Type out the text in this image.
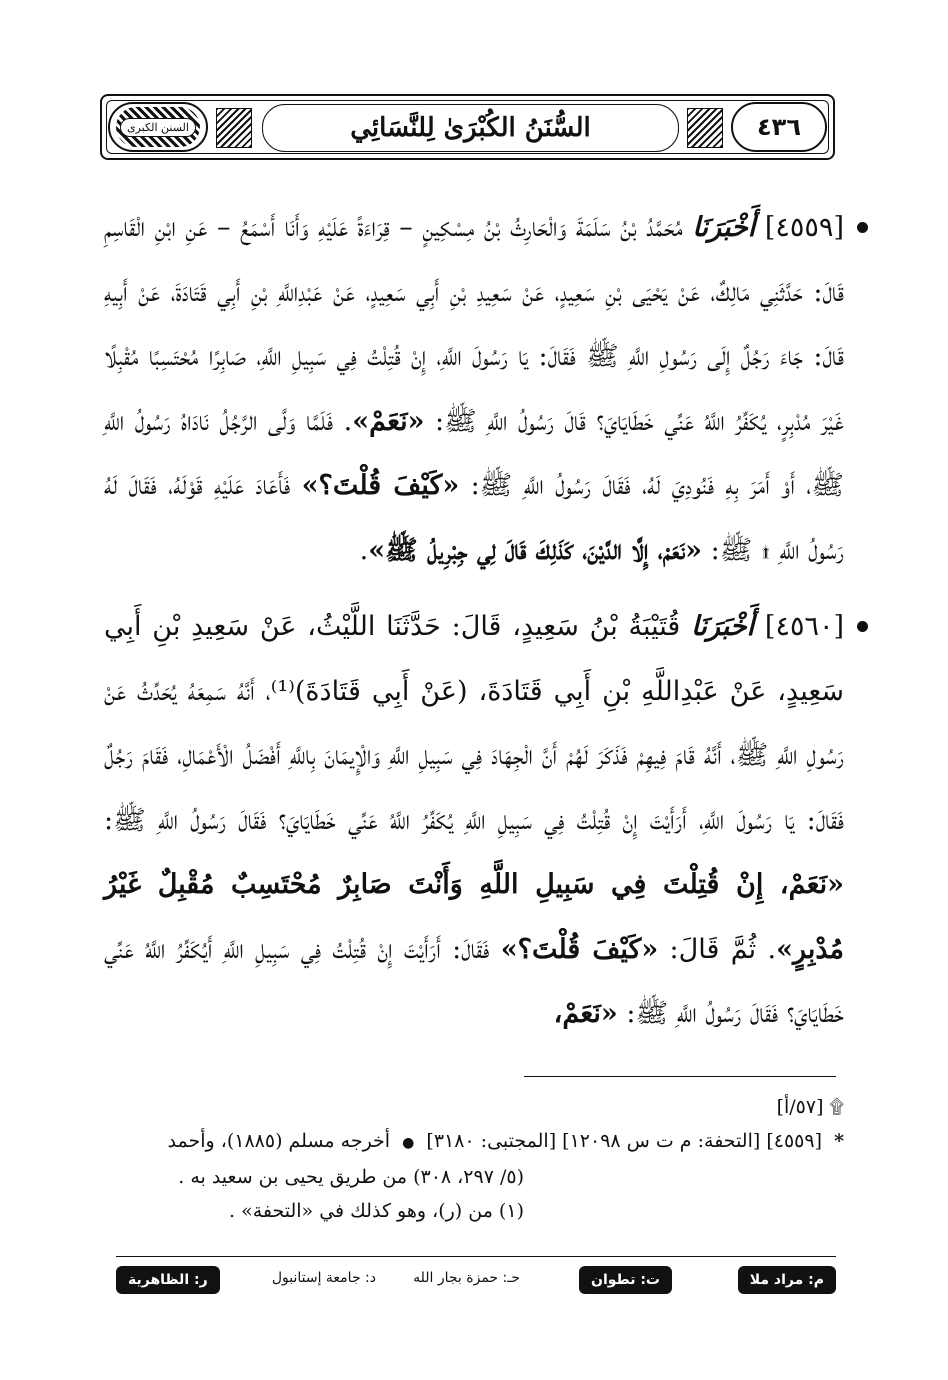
٤٣٦
السُّنَنُ الكُبْرَىٰ لِلنَّسَائِي
السنن الكبرى

[٤٥٥٩] أَخْبَرَنَا مُحَمَّدُ بْنُ سَلَمَةَ وَالْحَارِثُ بْنُ مِسْكِينٍ – قِرَاءَةً عَلَيْهِ وَأَنَا أَسْمَعُ – عَنِ ابْنِ الْقَاسِمِ قَالَ: حَدَّثَنِي مَالِكٌ، عَنْ يَحْيَى بْنِ سَعِيدٍ، عَنْ سَعِيدِ بْنِ أَبِي سَعِيدٍ، عَنْ عَبْدِاللَّهِ بْنِ أَبِي قَتَادَةَ، عَنْ أَبِيهِ قَالَ: جَاءَ رَجُلٌ إِلَى رَسُولِ اللَّهِ ﷺ فَقَالَ: يَا رَسُولَ اللَّهِ، إِنْ قُتِلْتُ فِي سَبِيلِ اللَّهِ، صَابِرًا مُحْتَسِبًا مُقْبِلًا غَيْرَ مُدْبِرٍ، يُكَفِّرُ اللَّهُ عَنِّي خَطَايَايَ؟ قَالَ رَسُولُ اللَّهِ ﷺ: «نَعَمْ». فَلَمَّا وَلَّى الرَّجُلُ نَادَاهُ رَسُولُ اللَّهِ ﷺ، أَوْ أَمَرَ بِهِ فَنُودِيَ لَهُ، فَقَالَ رَسُولُ اللَّهِ ﷺ: «كَيْفَ قُلْتَ؟» فَأَعَادَ عَلَيْهِ قَوْلَهُ، فَقَالَ لَهُ رَسُولُ اللَّهِ ۩ ﷺ: «نَعَمْ، إِلَّا الدَّيْنَ، كَذَلِكَ قَالَ لِي جِبْرِيلُ ﷺ».

[٤٥٦٠] أَخْبَرَنَا قُتَيْبَةُ بْنُ سَعِيدٍ، قَالَ: حَدَّثَنَا اللَّيْثُ، عَنْ سَعِيدِ بْنِ أَبِي سَعِيدٍ، عَنْ عَبْدِاللَّهِ بْنِ أَبِي قَتَادَةَ، (عَنْ أَبِي قَتَادَةَ)⁽¹⁾، أَنَّهُ سَمِعَهُ يُحَدِّثُ عَنْ رَسُولِ اللَّهِ ﷺ، أَنَّهُ قَامَ فِيهِمْ فَذَكَرَ لَهُمْ أَنَّ الْجِهَادَ فِي سَبِيلِ اللَّهِ وَالْإِيمَانَ بِاللَّهِ أَفْضَلُ الْأَعْمَالِ، فَقَامَ رَجُلٌ فَقَالَ: يَا رَسُولَ اللَّهِ، أَرَأَيْتَ إِنْ قُتِلْتُ فِي سَبِيلِ اللَّهِ يُكَفِّرُ اللَّهُ عَنِّي خَطَايَايَ؟ فَقَالَ رَسُولُ اللَّهِ ﷺ: «نَعَمْ، إِنْ قُتِلْتَ فِي سَبِيلِ اللَّهِ وَأَنْتَ صَابِرٌ مُحْتَسِبٌ مُقْبِلٌ غَيْرُ مُدْبِرٍ». ثُمَّ قَالَ: «كَيْفَ قُلْتَ؟» فَقَالَ: أَرَأَيْتَ إِنْ قُتِلْتُ فِي سَبِيلِ اللَّهِ أَيُكَفِّرُ اللَّهُ عَنِّي خَطَايَايَ؟ فَقَالَ رَسُولُ اللَّهِ ﷺ: «نَعَمْ،

۩ [٥٧/أ]
* [٤٥٥٩] [التحفة: م ت س ١٢٠٩٨] [المجتبى: ٣١٨٠] ● أخرجه مسلم (١٨٨٥)، وأحمد
(٥/ ٢٩٧، ٣٠٨) من طريق يحيى بن سعيد به .
(١) من (ر)، وهو كذلك في «التحفة» .
م: مراد ملا
ت: تطوان
حـ: حمزة بجار الله
د: جامعة إستانبول
ر: الظاهرية
